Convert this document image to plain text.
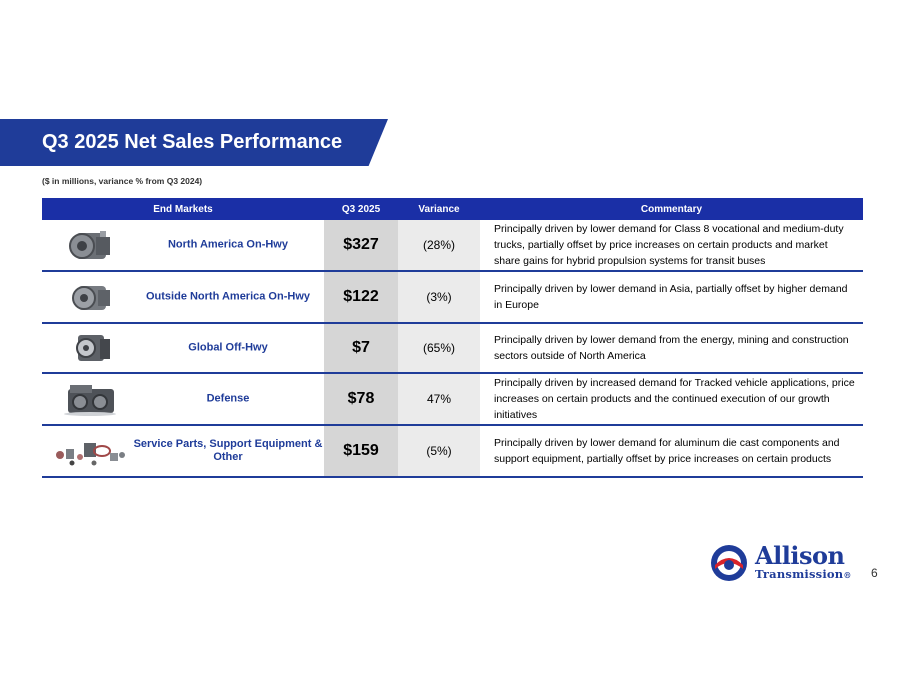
Q3 2025 Net Sales Performance
($ in millions, variance % from Q3 2024)
End Markets	Q3 2025	Variance	Commentary
North America On-Hwy	$327	(28%)
Principally driven by lower demand for Class 8 vocational and medium-duty trucks, partially offset by price increases on certain products and market share gains for hybrid propulsion systems for transit buses
Outside North America On-Hwy	$122	(3%)
Principally driven by lower demand in Asia, partially offset by higher demand in Europe
Global Off-Hwy	$7	(65%)
Principally driven by lower demand from the energy, mining and construction sectors outside of North America
Defense	$78	47%
Principally driven by increased demand for Tracked vehicle applications, price increases on certain products and the continued execution of our growth initiatives
Service Parts, Support Equipment & Other	$159	(5%)
Principally driven by lower demand for aluminum die cast components and support equipment, partially offset by price increases on certain products
Allison
Transmission® 6
